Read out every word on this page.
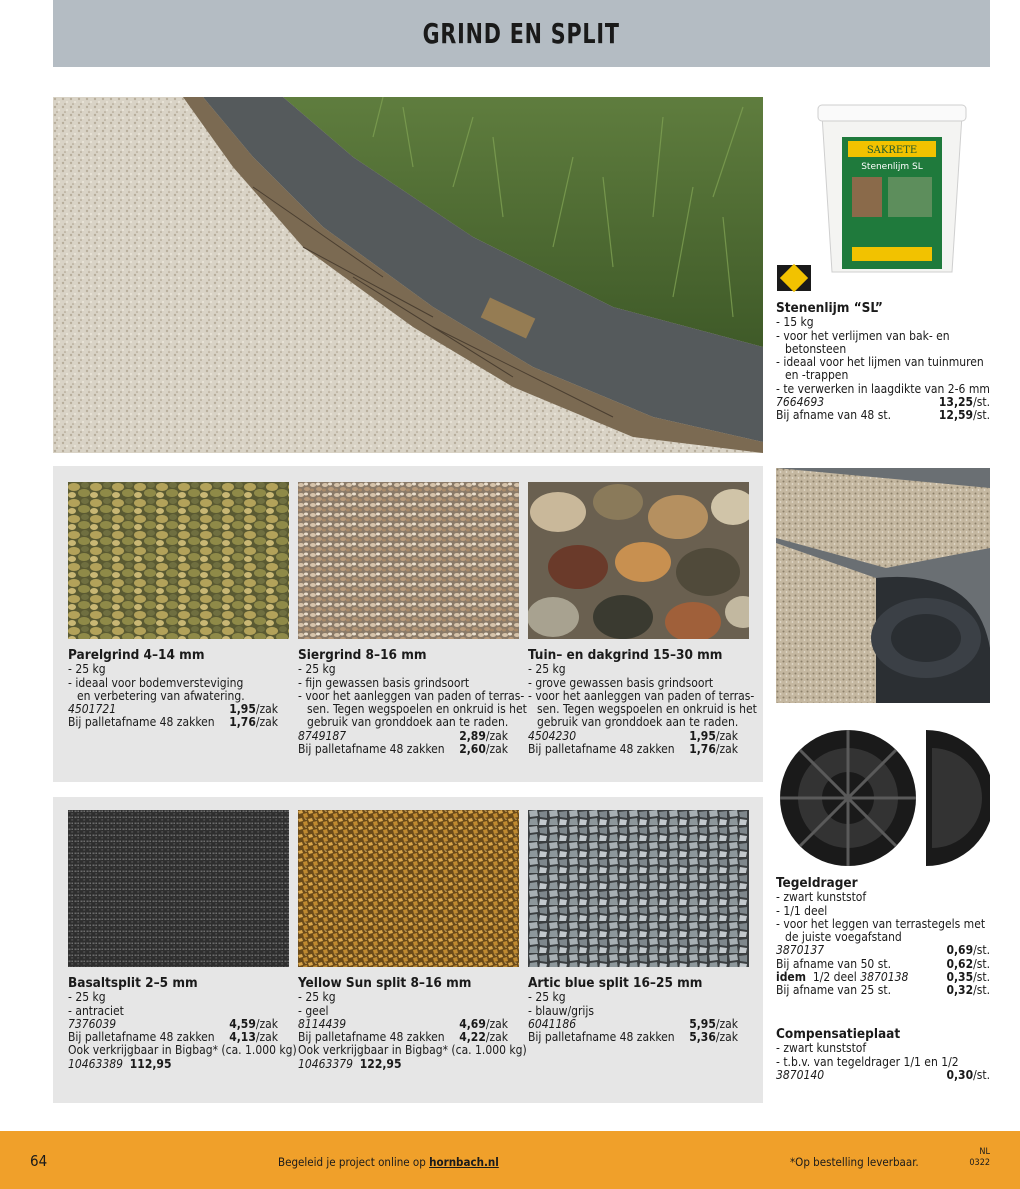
GRIND EN SPLIT
SAKRETE
Stenenlijm SL
Stenenlijm “SL”
- 15 kg
- voor het verlijmen van bak- en
betonsteen
- ideaal voor het lijmen van tuinmuren
en -trappen
- te verwerken in laagdikte van 2-6 mm
7664693	13,25/st.
Bij afname van 48 st.	12,59/st.
Tegeldrager
- zwart kunststof
- 1/1 deel
- voor het leggen van terrastegels met
de juiste voegafstand
3870137	0,69/st.
Bij afname van 50 st.	0,62/st.
idem 1/2 deel 3870138	0,35/st.
Bij afname van 25 st.	0,32/st.
Compensatieplaat
- zwart kunststof
- t.b.v. van tegeldrager 1/1 en 1/2
3870140	0,30/st.
Parelgrind 4–14 mm
- 25 kg
- ideaal voor bodemversteviging
en verbetering van afwatering.
4501721	1,95/zak
Bij palletafname 48 zakken 1,76/zak
Siergrind 8–16 mm
- 25 kg
- fijn gewassen basis grindsoort
- voor het aanleggen van paden of terras-
sen. Tegen wegspoelen en onkruid is het
gebruik van gronddoek aan te raden.
8749187	2,89/zak
Bij palletafname 48 zakken 2,60/zak
Tuin– en dakgrind 15–30 mm
- 25 kg
- grove gewassen basis grindsoort
- voor het aanleggen van paden of terras-
sen. Tegen wegspoelen en onkruid is het
gebruik van gronddoek aan te raden.
4504230	1,95/zak
Bij palletafname 48 zakken 1,76/zak
Basaltsplit 2–5 mm
- 25 kg
- antraciet
7376039	4,59/zak
Bij palletafname 48 zakken 4,13/zak
Ook verkrijgbaar in Bigbag* (ca. 1.000 kg)
10463389 112,95
Yellow Sun split 8–16 mm
- 25 kg
- geel
8114439	4,69/zak
Bij palletafname 48 zakken 4,22/zak
Ook verkrijgbaar in Bigbag* (ca. 1.000 kg)
10463379 122,95
Artic blue split 16–25 mm
- 25 kg
- blauw/grijs
6041186	5,95/zak
Bij palletafname 48 zakken 5,36/zak
64	Begeleid je project online op hornbach.nl	*Op bestelling leverbaar.
NL
0322
